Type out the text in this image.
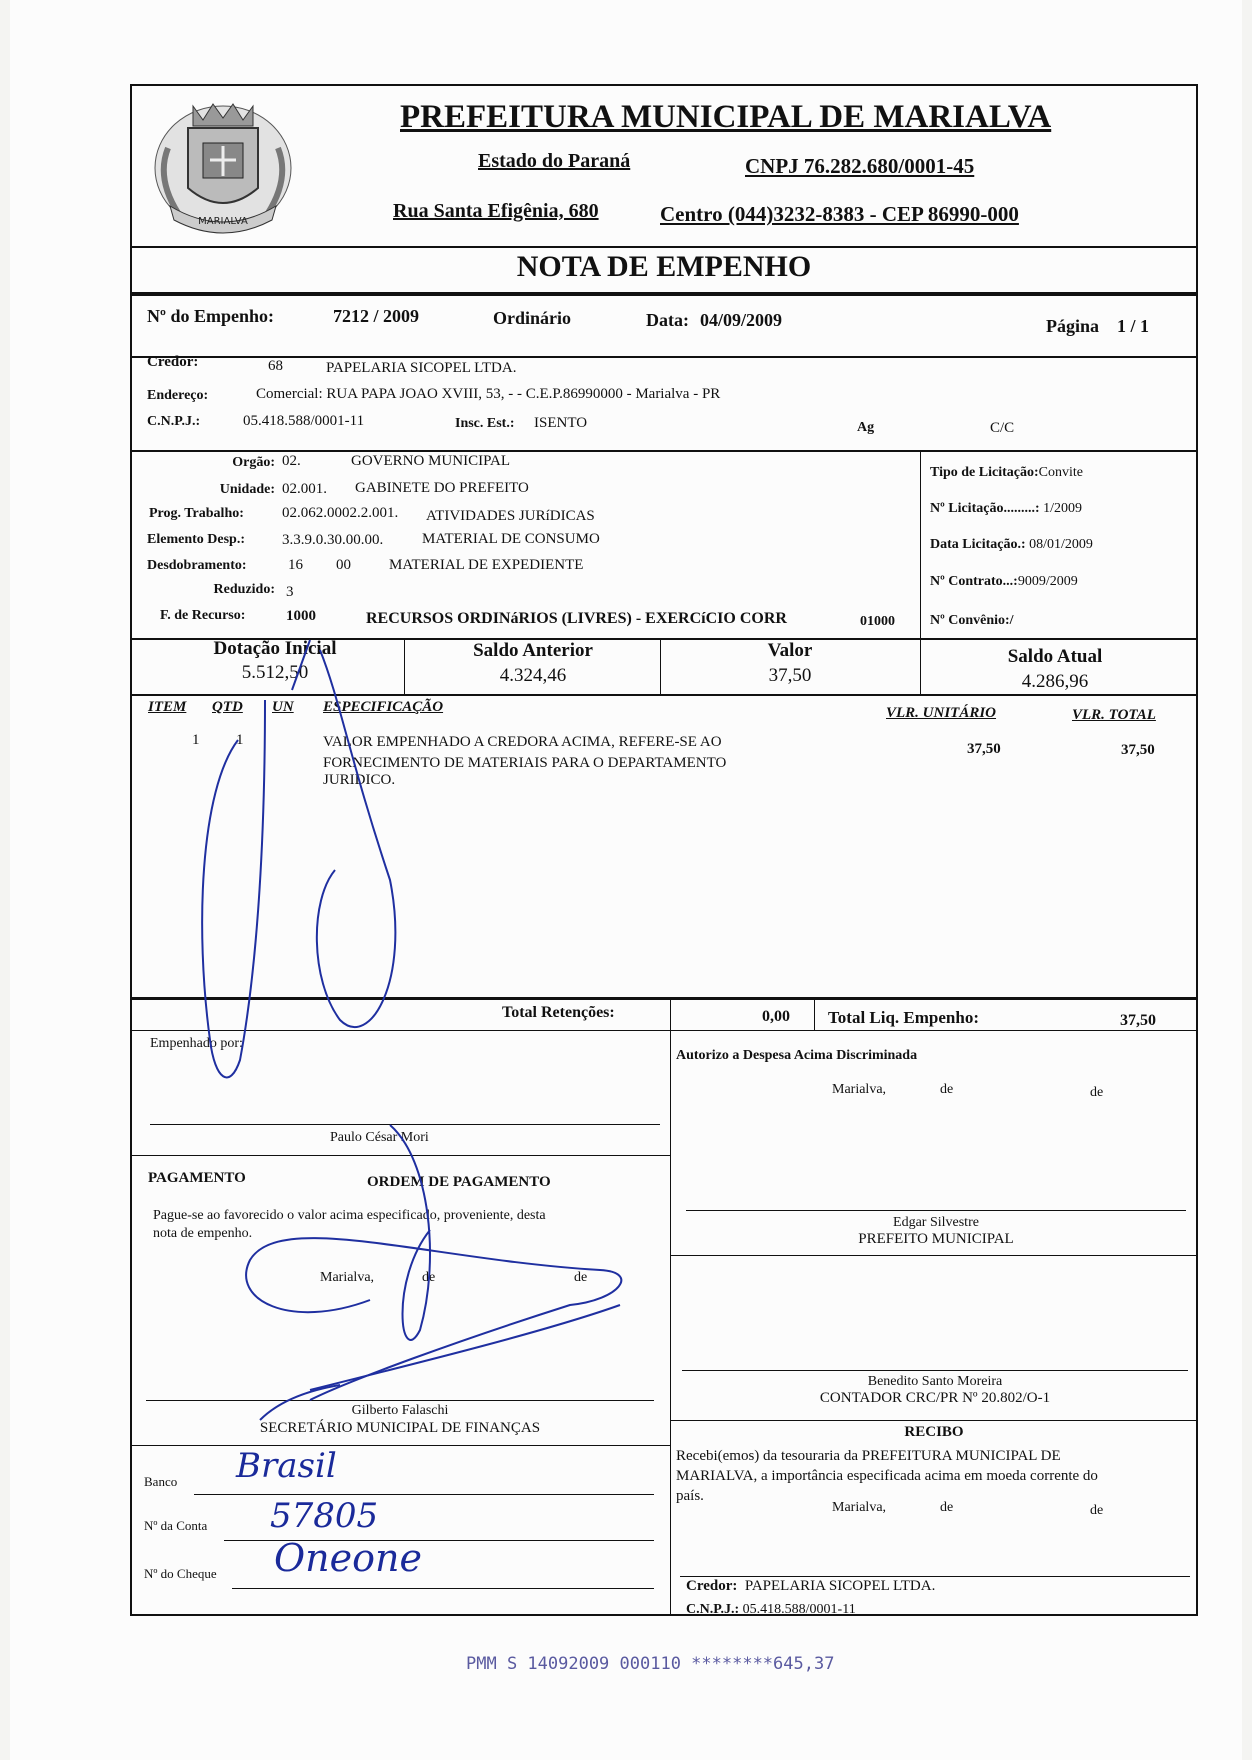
MARIALVA
PREFEITURA MUNICIPAL DE MARIALVA
Estado do Paraná	CNPJ 76.282.680/0001-45
Rua Santa Efigênia, 680	Centro (044)3232-8383 - CEP 86990-000
NOTA DE EMPENHO
Nº do Empenho:	7212 / 2009	Ordinário	Data: 04/09/2009	Página 1 / 1
Credor:	68	PAPELARIA SICOPEL LTDA.
Endereço:	Comercial: RUA PAPA JOAO XVIII, 53, - - C.E.P.86990000 - Marialva - PR
C.N.P.J.:	05.418.588/0001-11	Insc. Est.: ISENTO	Ag	C/C
Orgão: 02.	GOVERNO MUNICIPAL
Unidade: 02.001. GABINETE DO PREFEITO
Prog. Trabalho:	02.062.0002.2.001. ATIVIDADES JURíDICAS
Elemento Desp.: 3.3.9.0.30.00.00.	MATERIAL DE CONSUMO
Desdobramento:	16 00	MATERIAL DE EXPEDIENTE
Reduzido: 3
F. de Recurso:	1000	RECURSOS ORDINáRIOS (LIVRES) - EXERCíCIO CORR	01000
Tipo de Licitação:Convite
Nº Licitação.........: 1/2009
Data Licitação.: 08/01/2009
Nº Contrato...:9009/2009
Nº Convênio:/
Dotação Inicial
5.512,50
Saldo Anterior
4.324,46
Valor
37,50
Saldo Atual
4.286,96
ITEM QTD UN ESPECIFICAÇÃO	VLR. UNITÁRIO	VLR. TOTAL
1 1	VALOR EMPENHADO A CREDORA ACIMA, REFERE-SE AO
FORNECIMENTO DE MATERIAIS PARA O DEPARTAMENTO
JURIDICO.
37,50	37,50
Total Retenções:	0,00 Total Liq. Empenho:	37,50
Empenhado por:
Paulo César Mori
Autorizo a Despesa Acima Discriminada
Marialva,	de	de
Edgar Silvestre
PREFEITO MUNICIPAL
Benedito Santo Moreira
CONTADOR CRC/PR Nº 20.802/O-1
PAGAMENTO	ORDEM DE PAGAMENTO
Pague-se ao favorecido o valor acima especificado, proveniente, desta
nota de empenho.
Marialva,	de	de
Gilberto Falaschi
SECRETÁRIO MUNICIPAL DE FINANÇAS
Banco Brasil
Nº da Conta 57805
Nº do Cheque Oneone
RECIBO
Recebi(emos) da tesouraria da PREFEITURA MUNICIPAL DE
MARIALVA, a importância especificada acima em moeda corrente do
país.
Marialva,	de	de
Credor: PAPELARIA SICOPEL LTDA.
C.N.P.J.: 05.418.588/0001-11
PMM S 14092009 000110 ********645,37
